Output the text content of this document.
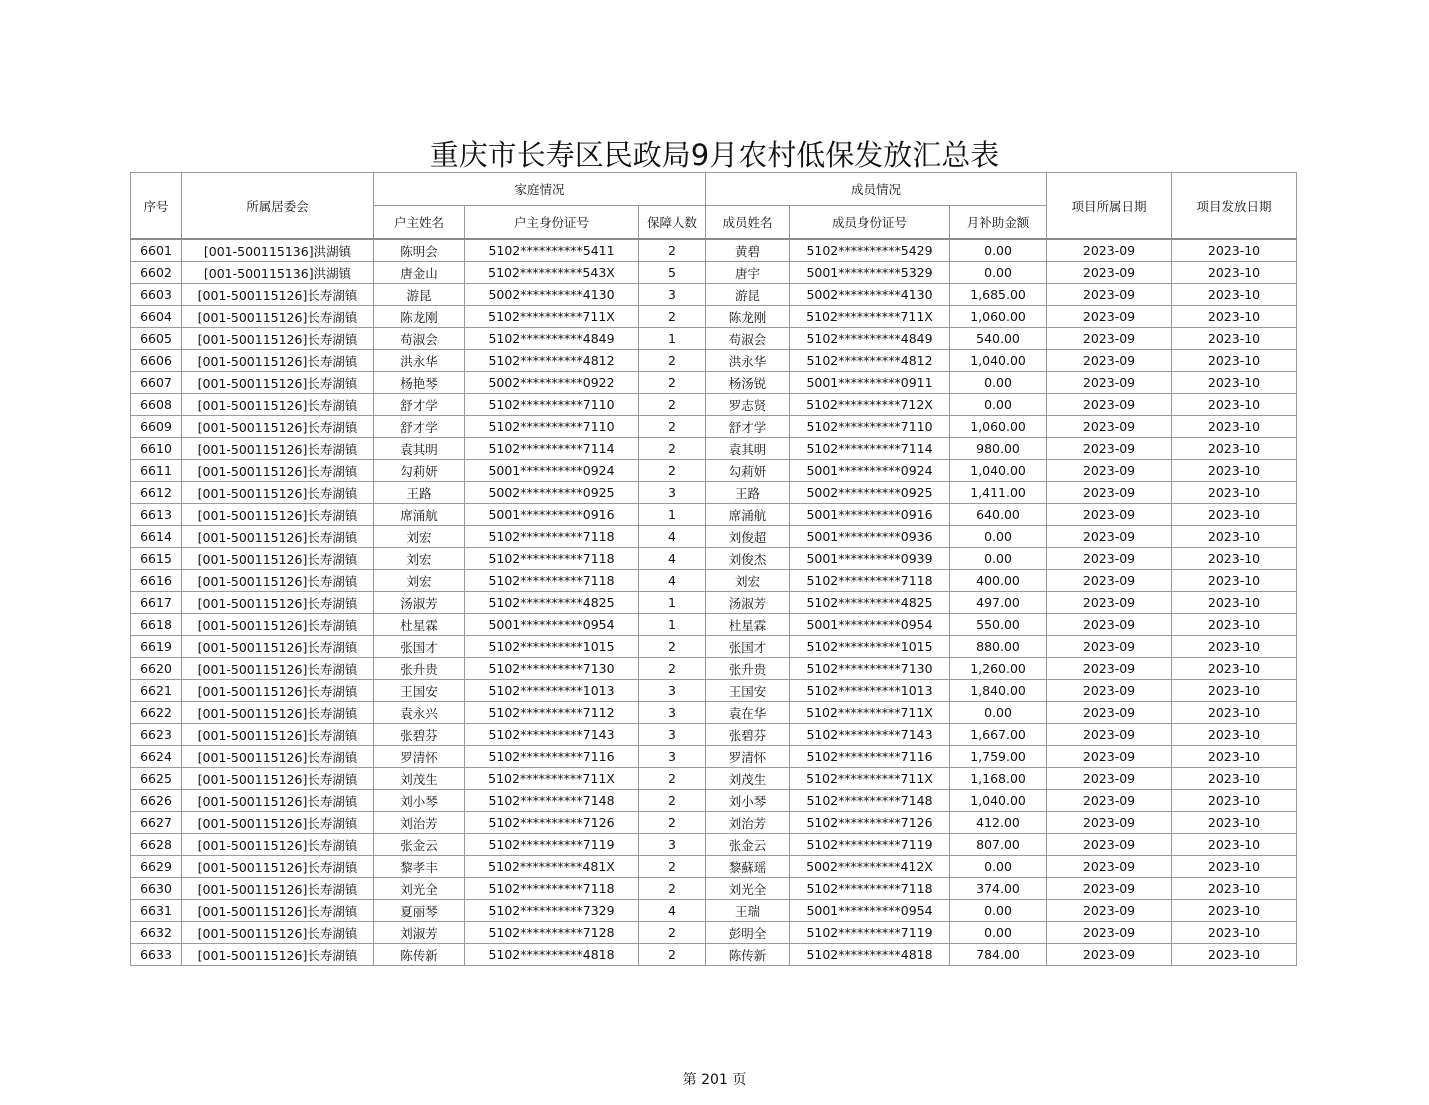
重庆市长寿区民政局9月农村低保发放汇总表
序号	所属居委会	家庭情况			成员情况			项目所属日期	项目发放日期
		户主姓名	户主身份证号	保障人数	成员姓名	成员身份证号	月补助金额		
6601	[001-500115136]洪湖镇	陈明会	5102**********5411	2	黄碧	5102**********5429	0.00	2023-09	2023-10
6602	[001-500115136]洪湖镇	唐金山	5102**********543X	5	唐宇	5001**********5329	0.00	2023-09	2023-10
6603	[001-500115126]长寿湖镇	游昆	5002**********4130	3	游昆	5002**********4130	1,685.00	2023-09	2023-10
6604	[001-500115126]长寿湖镇	陈龙刚	5102**********711X	2	陈龙刚	5102**********711X	1,060.00	2023-09	2023-10
6605	[001-500115126]长寿湖镇	苟淑会	5102**********4849	1	苟淑会	5102**********4849	540.00	2023-09	2023-10
6606	[001-500115126]长寿湖镇	洪永华	5102**********4812	2	洪永华	5102**********4812	1,040.00	2023-09	2023-10
6607	[001-500115126]长寿湖镇	杨艳琴	5002**********0922	2	杨汤锐	5001**********0911	0.00	2023-09	2023-10
6608	[001-500115126]长寿湖镇	舒才学	5102**********7110	2	罗志贤	5102**********712X	0.00	2023-09	2023-10
6609	[001-500115126]长寿湖镇	舒才学	5102**********7110	2	舒才学	5102**********7110	1,060.00	2023-09	2023-10
6610	[001-500115126]长寿湖镇	袁其明	5102**********7114	2	袁其明	5102**********7114	980.00	2023-09	2023-10
6611	[001-500115126]长寿湖镇	勾莉妍	5001**********0924	2	勾莉妍	5001**********0924	1,040.00	2023-09	2023-10
6612	[001-500115126]长寿湖镇	王路	5002**********0925	3	王路	5002**********0925	1,411.00	2023-09	2023-10
6613	[001-500115126]长寿湖镇	席涌航	5001**********0916	1	席涌航	5001**********0916	640.00	2023-09	2023-10
6614	[001-500115126]长寿湖镇	刘宏	5102**********7118	4	刘俊超	5001**********0936	0.00	2023-09	2023-10
6615	[001-500115126]长寿湖镇	刘宏	5102**********7118	4	刘俊杰	5001**********0939	0.00	2023-09	2023-10
6616	[001-500115126]长寿湖镇	刘宏	5102**********7118	4	刘宏	5102**********7118	400.00	2023-09	2023-10
6617	[001-500115126]长寿湖镇	汤淑芳	5102**********4825	1	汤淑芳	5102**********4825	497.00	2023-09	2023-10
6618	[001-500115126]长寿湖镇	杜星霖	5001**********0954	1	杜星霖	5001**********0954	550.00	2023-09	2023-10
6619	[001-500115126]长寿湖镇	张国才	5102**********1015	2	张国才	5102**********1015	880.00	2023-09	2023-10
6620	[001-500115126]长寿湖镇	张升贵	5102**********7130	2	张升贵	5102**********7130	1,260.00	2023-09	2023-10
6621	[001-500115126]长寿湖镇	王国安	5102**********1013	3	王国安	5102**********1013	1,840.00	2023-09	2023-10
6622	[001-500115126]长寿湖镇	袁永兴	5102**********7112	3	袁在华	5102**********711X	0.00	2023-09	2023-10
6623	[001-500115126]长寿湖镇	张碧芬	5102**********7143	3	张碧芬	5102**********7143	1,667.00	2023-09	2023-10
6624	[001-500115126]长寿湖镇	罗清怀	5102**********7116	3	罗清怀	5102**********7116	1,759.00	2023-09	2023-10
6625	[001-500115126]长寿湖镇	刘茂生	5102**********711X	2	刘茂生	5102**********711X	1,168.00	2023-09	2023-10
6626	[001-500115126]长寿湖镇	刘小琴	5102**********7148	2	刘小琴	5102**********7148	1,040.00	2023-09	2023-10
6627	[001-500115126]长寿湖镇	刘治芳	5102**********7126	2	刘治芳	5102**********7126	412.00	2023-09	2023-10
6628	[001-500115126]长寿湖镇	张金云	5102**********7119	3	张金云	5102**********7119	807.00	2023-09	2023-10
6629	[001-500115126]长寿湖镇	黎孝丰	5102**********481X	2	黎蘇瑶	5002**********412X	0.00	2023-09	2023-10
6630	[001-500115126]长寿湖镇	刘光全	5102**********7118	2	刘光全	5102**********7118	374.00	2023-09	2023-10
6631	[001-500115126]长寿湖镇	夏丽琴	5102**********7329	4	王瑞	5001**********0954	0.00	2023-09	2023-10
6632	[001-500115126]长寿湖镇	刘淑芳	5102**********7128	2	彭明全	5102**********7119	0.00	2023-09	2023-10
6633	[001-500115126]长寿湖镇	陈传新	5102**********4818	2	陈传新	5102**********4818	784.00	2023-09	2023-10
第 201 页
